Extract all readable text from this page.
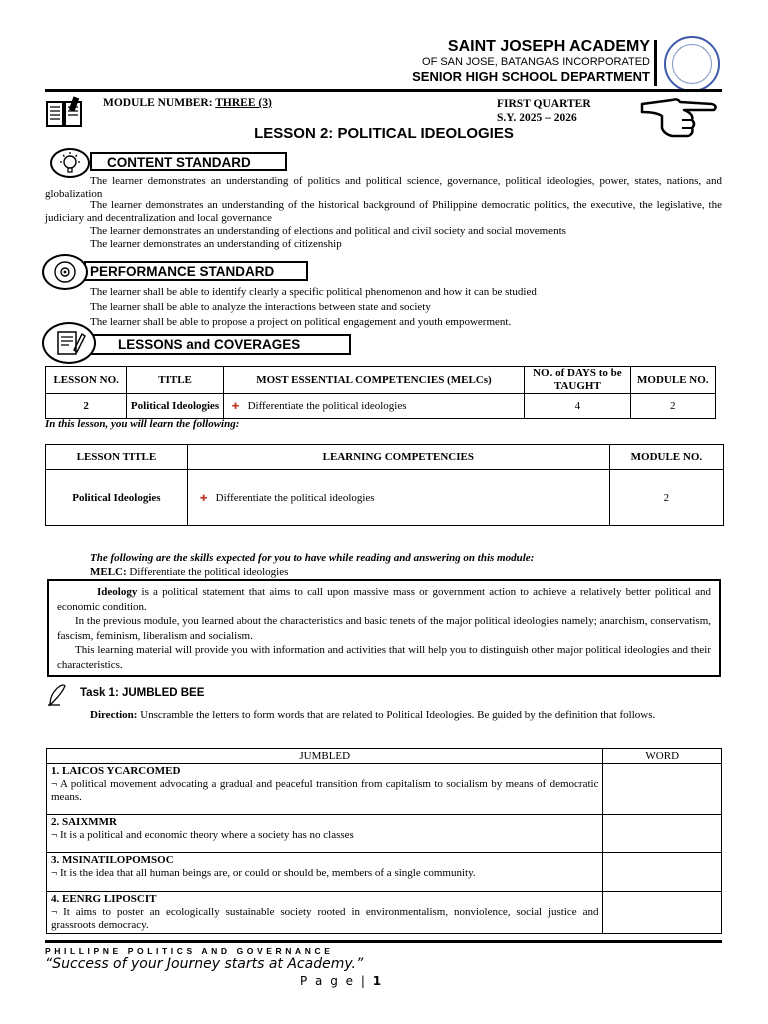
SAINT JOSEPH ACADEMY
OF SAN JOSE, BATANGAS INCORPORATED
SENIOR HIGH SCHOOL DEPARTMENT
MODULE NUMBER: THREE (3)	FIRST QUARTER
S.Y. 2025 – 2026
LESSON 2: POLITICAL IDEOLOGIES
CONTENT STANDARD
The learner demonstrates an understanding of politics and political science, governance, political ideologies, power, states, nations, and globalization
The learner demonstrates an understanding of the historical background of Philippine democratic politics, the executive, the legislative, the judiciary and decentralization and local governance
The learner demonstrates an understanding of elections and political and civil society and social movements
The learner demonstrates an understanding of citizenship
PERFORMANCE STANDARD
The learner shall be able to identify clearly a specific political phenomenon and how it can be studied
The learner shall be able to analyze the interactions between state and society
The learner shall be able to propose a project on political engagement and youth empowerment.
LESSONS and COVERAGES
LESSON NO.	TITLE	MOST ESSENTIAL COMPETENCIES (MELCs)	NO. of DAYS to be TAUGHT	MODULE NO.
2	Political Ideologies	✚ Differentiate the political ideologies	4	2
In this lesson, you will learn the following:
LESSON TITLE	LEARNING COMPETENCIES	MODULE NO.
Political Ideologies	✚ Differentiate the political ideologies	2
The following are the skills expected for you to have while reading and answering on this module:
MELC: Differentiate the political ideologies
Ideology is a political statement that aims to call upon massive mass or government action to achieve a relatively better political and economic condition.
In the previous module, you learned about the characteristics and basic tenets of the major political ideologies namely; anarchism, conservatism, fascism, feminism, liberalism and socialism.
This learning material will provide you with information and activities that will help you to distinguish other major political ideologies and their characteristics.
Task 1: JUMBLED BEE
Direction: Unscramble the letters to form words that are related to Political Ideologies. Be guided by the definition that follows.
JUMBLED	WORD

1. LAICOS YCARCOMED
¬ A political movement advocating a gradual and peaceful transition from capitalism to socialism by means of democratic means.	

2. SAIXMMR
¬ It is a political and economic theory where a society has no classes	

3. MSINATILOPOMSOC
¬ It is the idea that all human beings are, or could or should be, members of a single community.	

4. EENRG LIPOSCIT
¬ It aims to poster an ecologically sustainable society rooted in environmentalism, nonviolence, social justice and grassroots democracy.	

PHILLIPNE POLITICS AND GOVERNANCE
“Success of your Journey starts at Academy.”
P a g e | 1
